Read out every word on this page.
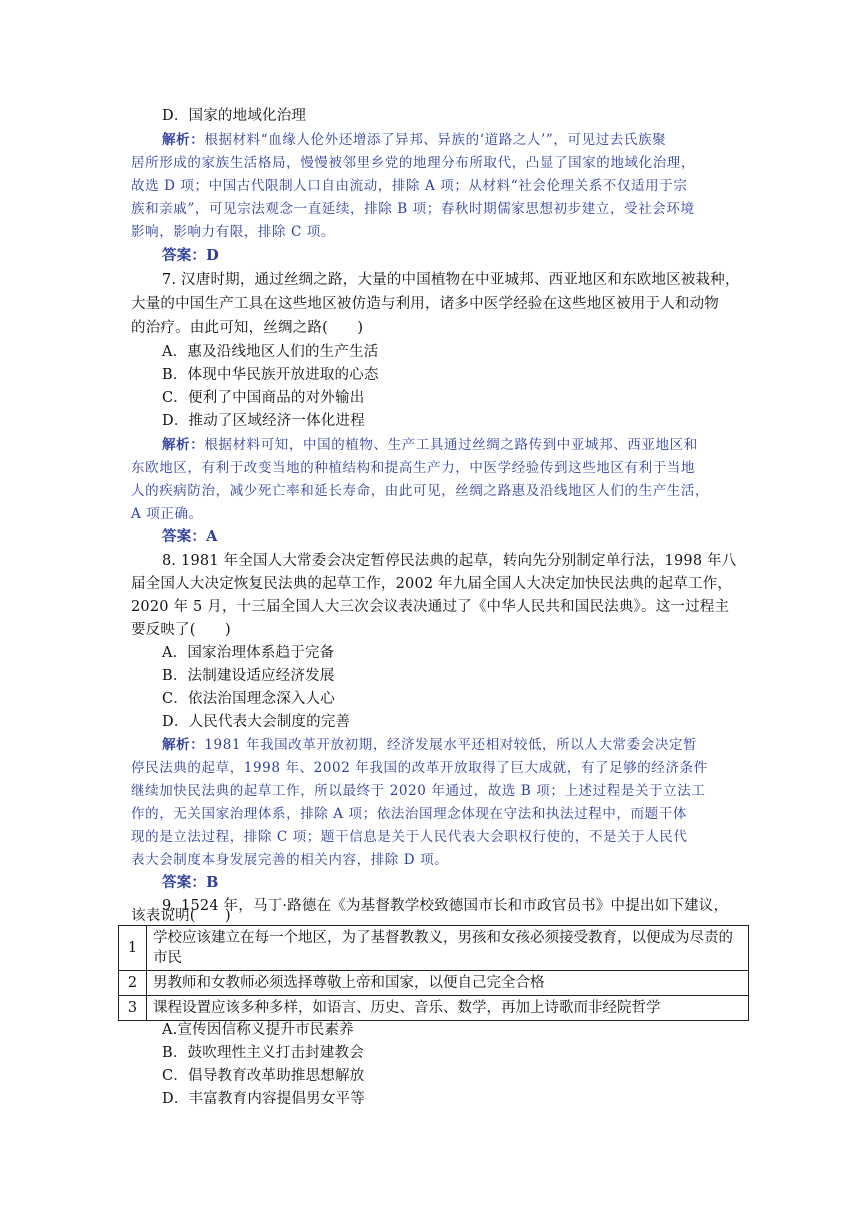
D．国家的地域化治理
解析：根据材料“血缘人伦外还增添了异邦、异族的‘道路之人’”，可见过去氏族聚
居所形成的家族生活格局，慢慢被邻里乡党的地理分布所取代，凸显了国家的地域化治理，
故选 D 项；中国古代限制人口自由流动，排除 A 项；从材料“社会伦理关系不仅适用于宗
族和亲戚”，可见宗法观念一直延续，排除 B 项；春秋时期儒家思想初步建立，受社会环境
影响，影响力有限，排除 C 项。
答案：D
7. 汉唐时期，通过丝绸之路，大量的中国植物在中亚城邦、西亚地区和东欧地区被栽种，
大量的中国生产工具在这些地区被仿造与利用，诸多中医学经验在这些地区被用于人和动物
的治疗。由此可知，丝绸之路(　　)
A．惠及沿线地区人们的生产生活
B．体现中华民族开放进取的心态
C．便利了中国商品的对外输出
D．推动了区域经济一体化进程
解析：根据材料可知，中国的植物、生产工具通过丝绸之路传到中亚城邦、西亚地区和
东欧地区，有利于改变当地的种植结构和提高生产力，中医学经验传到这些地区有利于当地
人的疾病防治，减少死亡率和延长寿命，由此可见，丝绸之路惠及沿线地区人们的生产生活，
A 项正确。
答案：A
8. 1981 年全国人大常委会决定暂停民法典的起草，转向先分别制定单行法，1998 年八
届全国人大决定恢复民法典的起草工作，2002 年九届全国人大决定加快民法典的起草工作，
2020 年 5 月，十三届全国人大三次会议表决通过了《中华人民共和国民法典》。这一过程主
要反映了(　　)
A．国家治理体系趋于完备
B．法制建设适应经济发展
C．依法治国理念深入人心
D．人民代表大会制度的完善
解析：1981 年我国改革开放初期，经济发展水平还相对较低，所以人大常委会决定暂
停民法典的起草，1998 年、2002 年我国的改革开放取得了巨大成就，有了足够的经济条件
继续加快民法典的起草工作，所以最终于 2020 年通过，故选 B 项；上述过程是关于立法工
作的，无关国家治理体系，排除 A 项；依法治国理念体现在守法和执法过程中，而题干体
现的是立法过程，排除 C 项；题干信息是关于人民代表大会职权行使的，不是关于人民代
表大会制度本身发展完善的相关内容，排除 D 项。
答案：B
9. 1524 年，马丁·路德在《为基督教学校致德国市长和市政官员书》中提出如下建议，
该表说明(　　)
1	学校应该建立在每一个地区，为了基督教教义，男孩和女孩必须接受教育，以便成为尽责的市民
2	男教师和女教师必须选择尊敬上帝和国家，以便自己完全合格
3	课程设置应该多种多样，如语言、历史、音乐、数学，再加上诗歌而非经院哲学
A.宣传因信称义提升市民素养
B．鼓吹理性主义打击封建教会
C．倡导教育改革助推思想解放
D．丰富教育内容提倡男女平等
